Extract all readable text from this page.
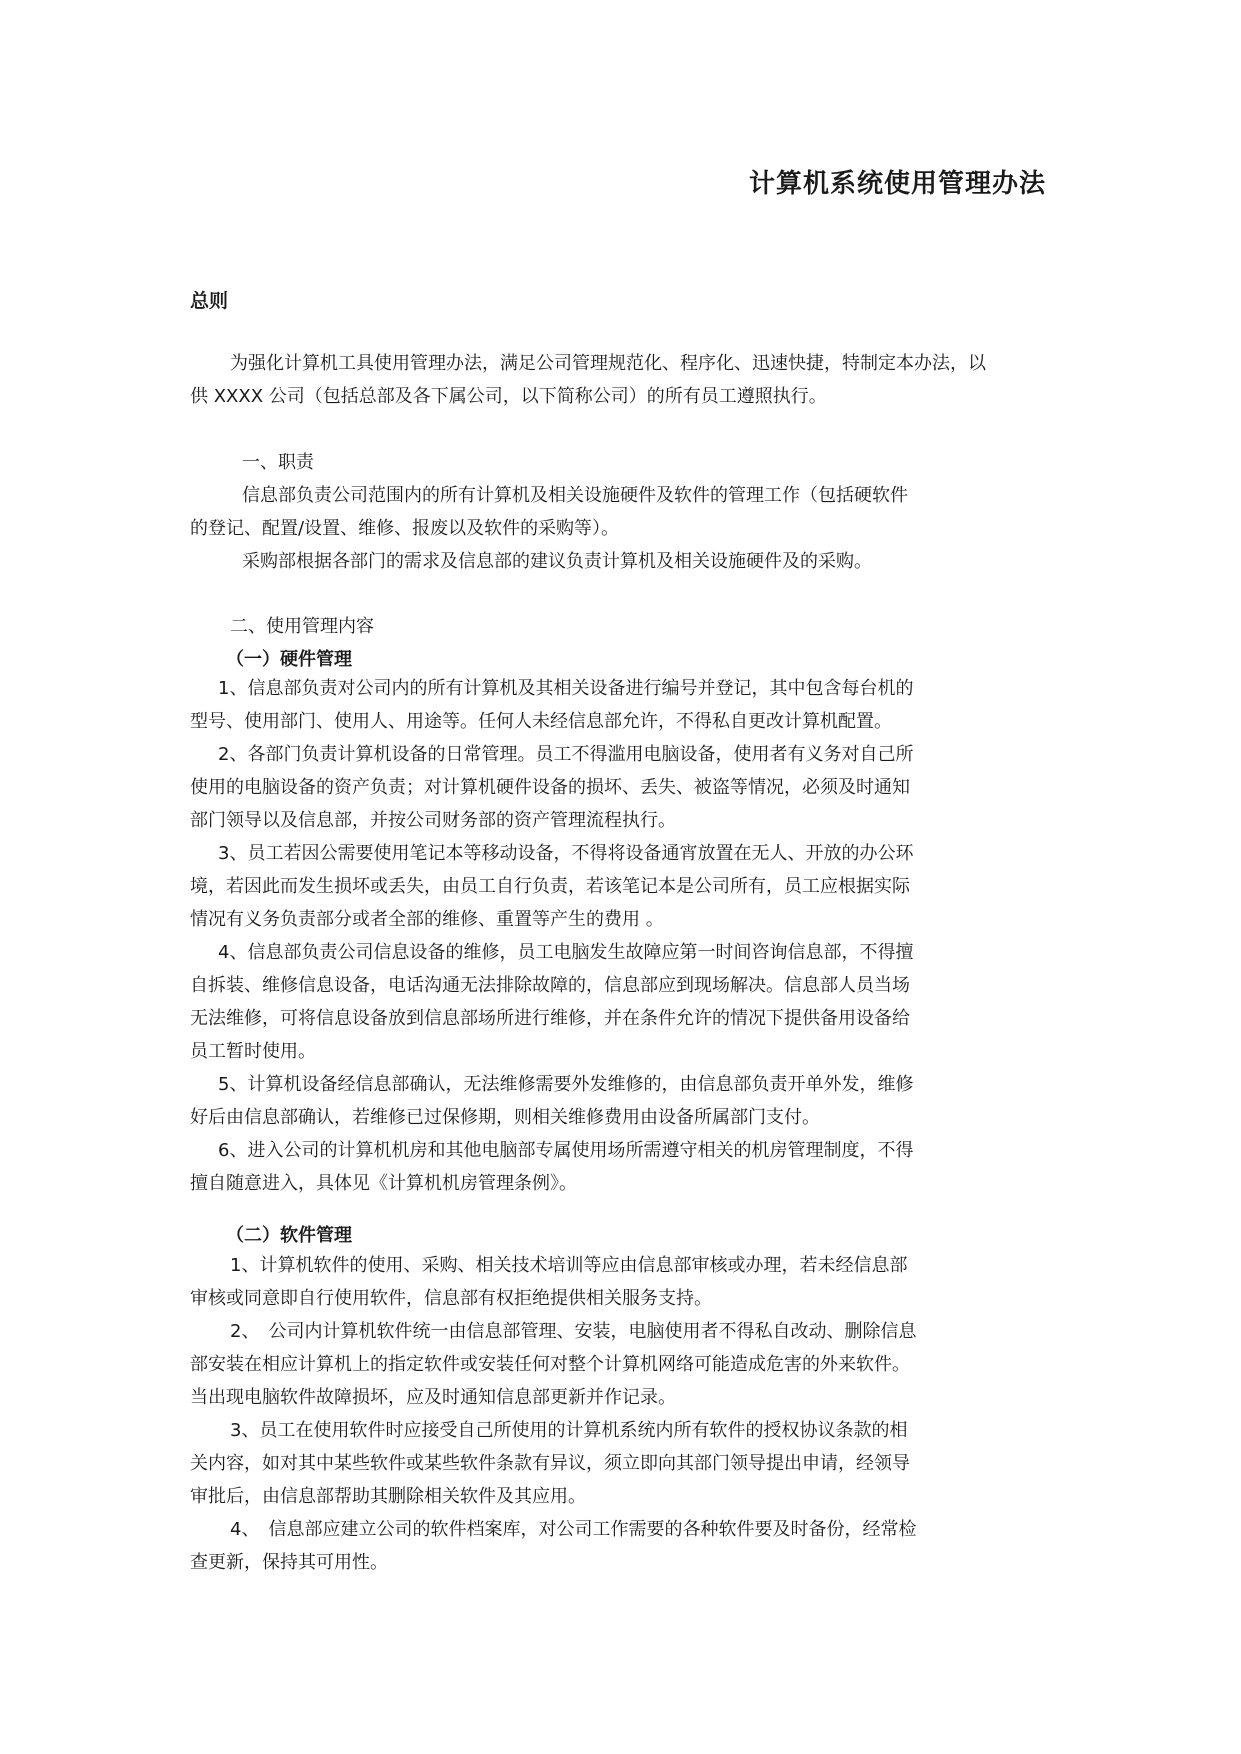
计算机系统使用管理办法
总则
为强化计算机工具使用管理办法，满足公司管理规范化、程序化、迅速快捷，特制定本办法，以
供 XXXX 公司（包括总部及各下属公司，以下简称公司）的所有员工遵照执行。
一、职责
信息部负责公司范围内的所有计算机及相关设施硬件及软件的管理工作（包括硬软件
的登记、配置/设置、维修、报废以及软件的采购等）。
采购部根据各部门的需求及信息部的建议负责计算机及相关设施硬件及的采购。
二、使用管理内容
（一）硬件管理
1、信息部负责对公司内的所有计算机及其相关设备进行编号并登记，其中包含每台机的
型号、使用部门、使用人、用途等。任何人未经信息部允许，不得私自更改计算机配置。
2、各部门负责计算机设备的日常管理。员工不得滥用电脑设备，使用者有义务对自己所
使用的电脑设备的资产负责；对计算机硬件设备的损坏、丢失、被盗等情况，必须及时通知
部门领导以及信息部，并按公司财务部的资产管理流程执行。
3、员工若因公需要使用笔记本等移动设备，不得将设备通宵放置在无人、开放的办公环
境，若因此而发生损坏或丢失，由员工自行负责，若该笔记本是公司所有，员工应根据实际
情况有义务负责部分或者全部的维修、重置等产生的费用 。
4、信息部负责公司信息设备的维修，员工电脑发生故障应第一时间咨询信息部，不得擅
自拆装、维修信息设备，电话沟通无法排除故障的，信息部应到现场解决。信息部人员当场
无法维修，可将信息设备放到信息部场所进行维修，并在条件允许的情况下提供备用设备给
员工暂时使用。
5、计算机设备经信息部确认，无法维修需要外发维修的，由信息部负责开单外发，维修
好后由信息部确认，若维修已过保修期，则相关维修费用由设备所属部门支付。
6、进入公司的计算机机房和其他电脑部专属使用场所需遵守相关的机房管理制度，不得
擅自随意进入，具体见《计算机机房管理条例》。
（二）软件管理
1、计算机软件的使用、采购、相关技术培训等应由信息部审核或办理，若未经信息部
审核或同意即自行使用软件，信息部有权拒绝提供相关服务支持。
2、　公司内计算机软件统一由信息部管理、安装，电脑使用者不得私自改动、删除信息
部安装在相应计算机上的指定软件或安装任何对整个计算机网络可能造成危害的外来软件。
当出现电脑软件故障损坏，应及时通知信息部更新并作记录。
3、员工在使用软件时应接受自己所使用的计算机系统内所有软件的授权协议条款的相
关内容，如对其中某些软件或某些软件条款有异议，须立即向其部门领导提出申请，经领导
审批后，由信息部帮助其删除相关软件及其应用。
4、　信息部应建立公司的软件档案库，对公司工作需要的各种软件要及时备份，经常检
查更新，保持其可用性。
